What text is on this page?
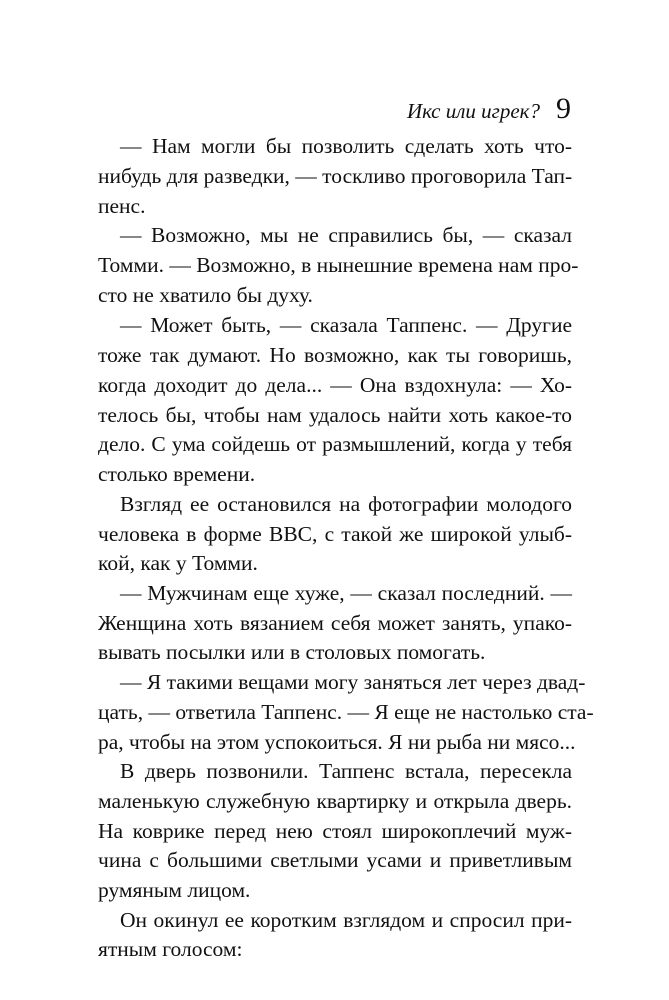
Икс или игрек? 9
— Нам могли бы позволить сделать хоть что-
нибудь для разведки, — тоскливо проговорила Тап-
пенс.
— Возможно, мы не справились бы, — сказал
Томми. — Возможно, в нынешние времена нам про-
сто не хватило бы духу.
— Может быть, — сказала Таппенс. — Другие
тоже так думают. Но возможно, как ты говоришь,
когда доходит до дела... — Она вздохнула: — Хо-
телось бы, чтобы нам удалось найти хоть какое-то
дело. С ума сойдешь от размышлений, когда у тебя
столько времени.
Взгляд ее остановился на фотографии молодого
человека в форме ВВС, с такой же широкой улыб-
кой, как у Томми.
— Мужчинам еще хуже, — сказал последний. —
Женщина хоть вязанием себя может занять, упако-
вывать посылки или в столовых помогать.
— Я такими вещами могу заняться лет через двад-
цать, — ответила Таппенс. — Я еще не настолько ста-
ра, чтобы на этом успокоиться. Я ни рыба ни мясо...
В дверь позвонили. Таппенс встала, пересекла
маленькую служебную квартирку и открыла дверь.
На коврике перед нею стоял широкоплечий муж-
чина с большими светлыми усами и приветливым
румяным лицом.
Он окинул ее коротким взглядом и спросил при-
ятным голосом:
